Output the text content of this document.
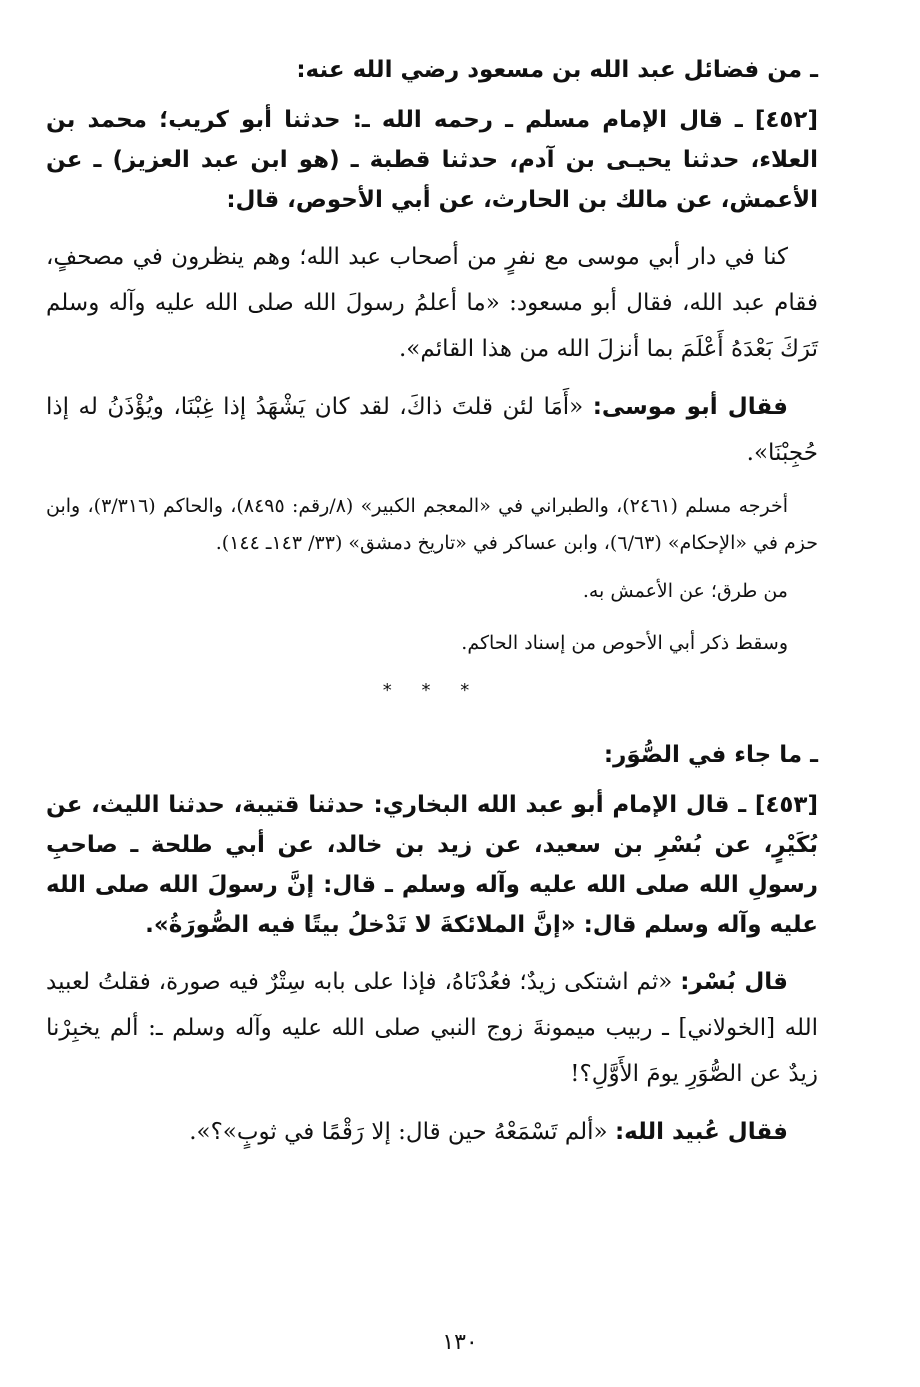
ـ من فضائل عبد الله بن مسعود رضي الله عنه:

[٤٥٢] ـ قال الإمام مسلم ـ رحمه الله ـ: حدثنا أبو كريب؛ محمد بن العلاء، حدثنا يحيـى بن آدم، حدثنا قطبة ـ (هو ابن عبد العزيز) ـ عن الأعمش، عن مالك بن الحارث، عن أبي الأحوص، قال:

كنا في دار أبي موسى مع نفرٍ من أصحاب عبد الله؛ وهم ينظرون في مصحفٍ، فقام عبد الله، فقال أبو مسعود: «ما أعلمُ رسولَ الله صلى الله عليه وآله وسلم تَرَكَ بَعْدَهُ أَعْلَمَ بما أنزلَ الله من هذا القائم».

فقال أبو موسى: «أَمَا لئن قلتَ ذاكَ، لقد كان يَشْهَدُ إذا غِبْنَا، ويُؤْذَنُ له إذا حُجِبْنَا».

أخرجه مسلم (٢٤٦١)، والطبراني في «المعجم الكبير» (٨/رقم: ٨٤٩٥)، والحاكم (٣/٣١٦)، وابن حزم في «الإحكام» (٦/٦٣)، وابن عساكر في «تاريخ دمشق» (٣٣/ ١٤٣ـ ١٤٤).

من طرق؛ عن الأعمش به.

وسقط ذكر أبي الأحوص من إسناد الحاكم.

* * *

ـ ما جاء في الصُّوَر:

[٤٥٣] ـ قال الإمام أبو عبد الله البخاري: حدثنا قتيبة، حدثنا الليث، عن بُكَيْرٍ، عن بُسْرِ بن سعيد، عن زيد بن خالد، عن أبي طلحة ـ صاحبِ رسولِ الله صلى الله عليه وآله وسلم ـ قال: إنَّ رسولَ الله صلى الله عليه وآله وسلم قال: «إنَّ الملائكةَ لا تَدْخلُ بيتًا فيه الصُّورَةُ».

قال بُسْر: «ثم اشتكى زيدٌ؛ فعُدْنَاهُ، فإذا على بابه سِتْرٌ فيه صورة، فقلتُ لعبيد الله [الخولاني] ـ ربيب ميمونةَ زوج النبي صلى الله عليه وآله وسلم ـ: ألم يخبِرْنا زيدٌ عن الصُّوَرِ يومَ الأَوَّلِ؟!

فقال عُبيد الله: «ألم تَسْمَعْهُ حين قال: إلا رَقْمًا في ثوبٍ»؟».

١٣٠
